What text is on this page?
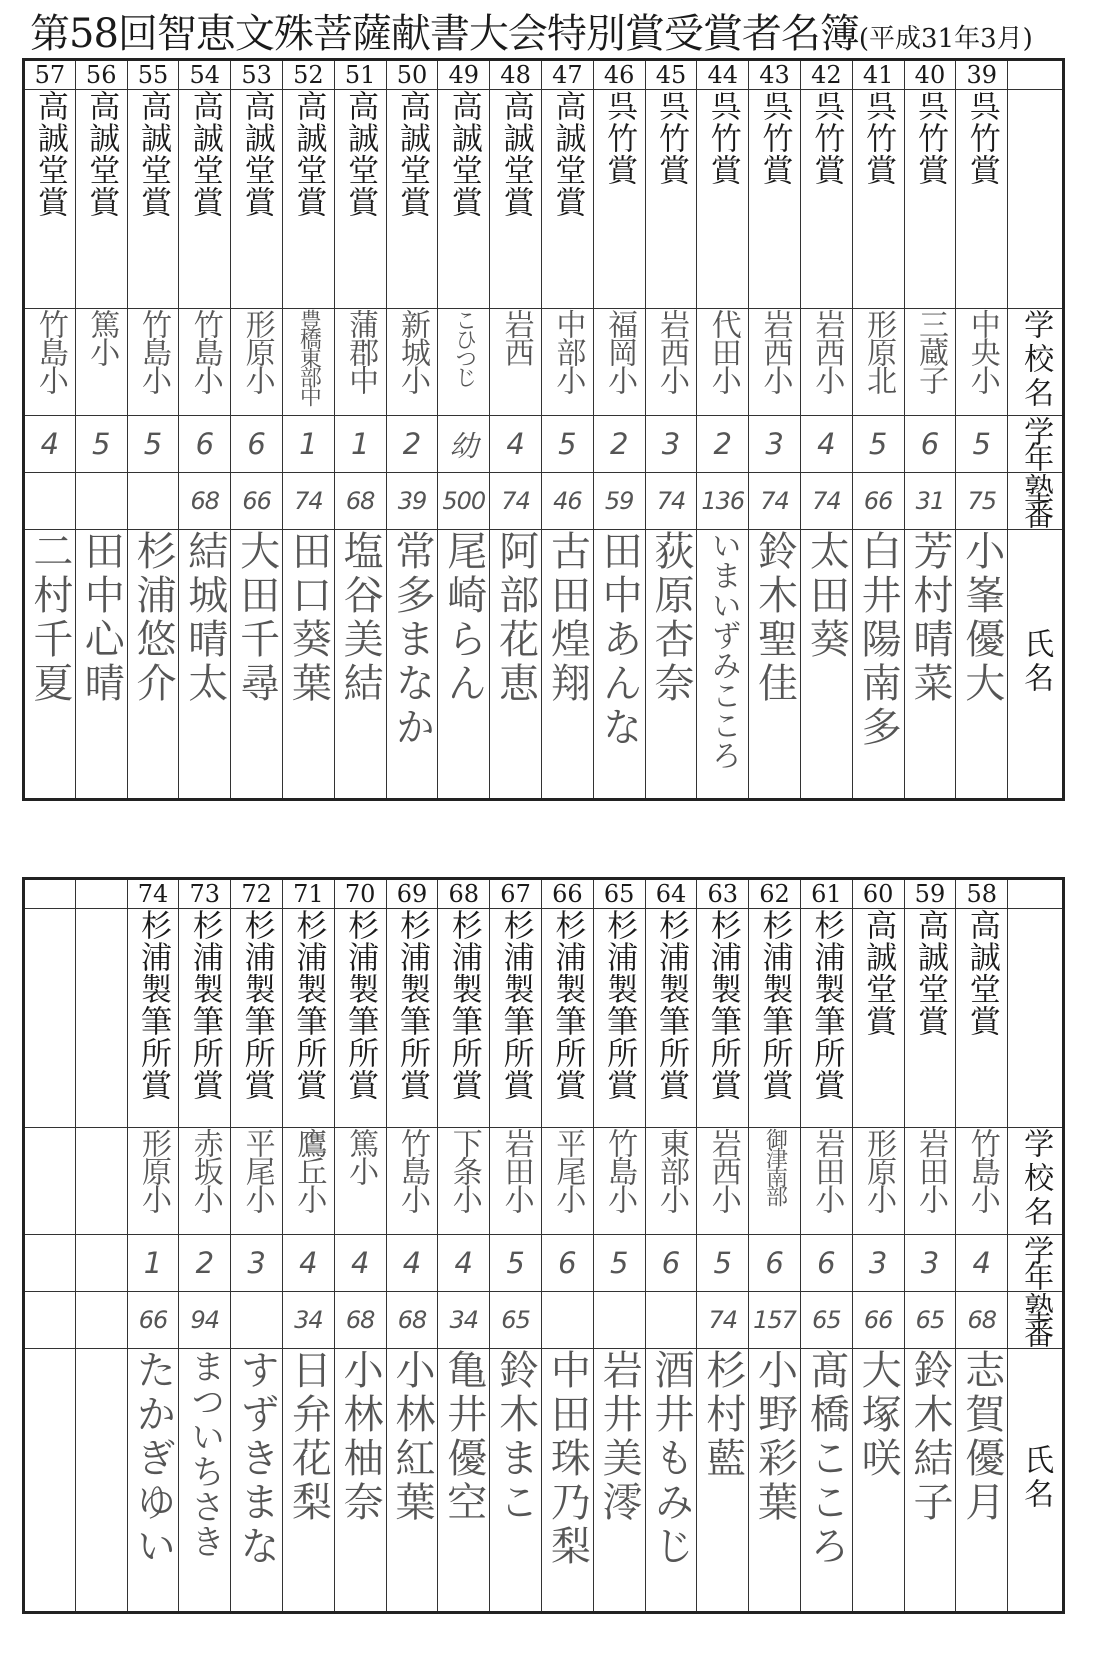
第58回智恵文殊菩薩献書大会特別賞受賞者名簿(平成31年3月)
57	56	55	54	53	52	51	50	49	48	47	46	45	44	43	42	41	40	39	
高誠堂賞	高誠堂賞	高誠堂賞	高誠堂賞	高誠堂賞	高誠堂賞	高誠堂賞	高誠堂賞	高誠堂賞	高誠堂賞	高誠堂賞	呉竹賞	呉竹賞	呉竹賞	呉竹賞	呉竹賞	呉竹賞	呉竹賞	呉竹賞	
竹島小	篤小	竹島小	竹島小	形原小	豊橋東部中	蒲郡中	新城小	こひつじ	岩西	中部小	福岡小	岩西小	代田小	岩西小	岩西小	形原北	三蔵子	中央小	学校名
4	5	5	6	6	1	1	2	幼	4	5	2	3	2	3	4	5	6	5	学年
			68	66	74	68	39	500	74	46	59	74	136	74	74	66	31	75	塾番
二村千夏	田中心晴	杉浦悠介	結城晴太	大田千尋	田口葵葉	塩谷美結	常多まなか	尾崎らん	阿部花恵	古田煌翔	田中あんな	荻原杏奈	いまいずみこころ	鈴木聖佳	太田葵	白井陽南多	芳村晴菜	小峯優大	氏名
		74	73	72	71	70	69	68	67	66	65	64	63	62	61	60	59	58	
		杉浦製筆所賞	杉浦製筆所賞	杉浦製筆所賞	杉浦製筆所賞	杉浦製筆所賞	杉浦製筆所賞	杉浦製筆所賞	杉浦製筆所賞	杉浦製筆所賞	杉浦製筆所賞	杉浦製筆所賞	杉浦製筆所賞	杉浦製筆所賞	杉浦製筆所賞	高誠堂賞	高誠堂賞	高誠堂賞	
		形原小	赤坂小	平尾小	鷹丘小	篤小	竹島小	下条小	岩田小	平尾小	竹島小	東部小	岩西小	御津南部	岩田小	形原小	岩田小	竹島小	学校名
		1	2	3	4	4	4	4	5	6	5	6	5	6	6	3	3	4	学年
		66	94		34	68	68	34	65				74	157	65	66	65	68	塾番
		たかぎゆい	まついちさき	すずきまな	日弁花梨	小林柚奈	小林紅葉	亀井優空	鈴木まこ	中田珠乃梨	岩井美澪	酒井もみじ	杉村藍	小野彩葉	髙橋こころ	大塚咲	鈴木結子	志賀優月	氏名
